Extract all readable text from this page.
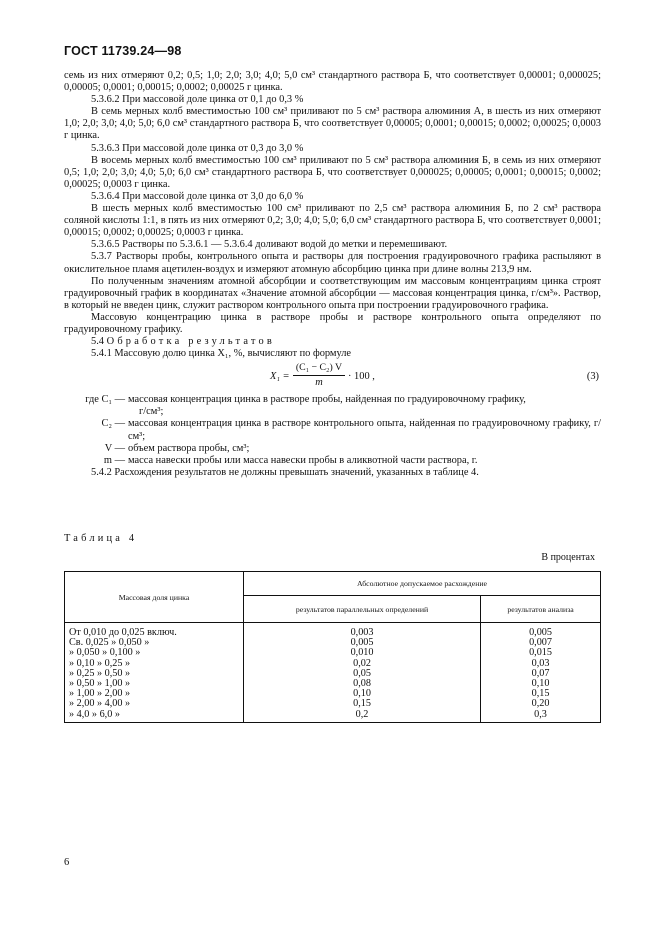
ГОСТ 11739.24—98

семь из них отмеряют 0,2; 0,5; 1,0; 2,0; 3,0; 4,0; 5,0 см³ стандартного раствора Б, что соответствует 0,00001; 0,000025; 0,00005; 0,0001; 0,00015; 0,0002; 0,00025 г цинка.

5.3.6.2 При массовой доле цинка от 0,1 до 0,3 %

В семь мерных колб вместимостью 100 см³ приливают по 5 см³ раствора алюминия А, в шесть из них отмеряют 1,0; 2,0; 3,0; 4,0; 5,0; 6,0 см³ стандартного раствора Б, что соответствует 0,00005; 0,0001; 0,00015; 0,0002; 0,00025; 0,0003 г цинка.

5.3.6.3 При массовой доле цинка от 0,3 до 3,0 %

В восемь мерных колб вместимостью 100 см³ приливают по 5 см³ раствора алюминия Б, в семь из них отмеряют 0,5; 1,0; 2,0; 3,0; 4,0; 5,0; 6,0 см³ стандартного раствора Б, что соответствует 0,000025; 0,00005; 0,0001; 0,00015; 0,0002; 0,00025; 0,0003 г цинка.

5.3.6.4 При массовой доле цинка от 3,0 до 6,0 %

В шесть мерных колб вместимостью 100 см³ приливают по 2,5 см³ раствора алюминия Б, по 2 см³ раствора соляной кислоты 1:1, в пять из них отмеряют 0,2; 3,0; 4,0; 5,0; 6,0 см³ стандартного раствора Б, что соответствует 0,0001; 0,00015; 0,0002; 0,00025; 0,0003 г цинка.

5.3.6.5 Растворы по 5.3.6.1 — 5.3.6.4 доливают водой до метки и перемешивают.

5.3.7 Растворы пробы, контрольного опыта и растворы для построения градуировочного графика распыляют в окислительное пламя ацетилен-воздух и измеряют атомную абсорбцию цинка при длине волны 213,9 нм.

По полученным значениям атомной абсорбции и соответствующим им массовым концентрациям цинка строят градуировочный график в координатах «Значение атомной абсорбции — массовая концентрация цинка, г/см³». Раствор, в который не введен цинк, служит раствором контрольного опыта при построении градуировочного графика.

Массовую концентрацию цинка в растворе пробы и растворе контрольного опыта определяют по градуировочному графику.

5.4 Обработка результатов

5.4.1 Массовую долю цинка X₁, %, вычисляют по формуле

$X_1 = \frac{\text{(C₁ − C₂) V}}{m} \cdot 100$ ,	(3)
где C₁ — массовая концентрация цинка в растворе пробы, найденная по градуировочному графику,
г/см³;
C₂ — массовая концентрация цинка в растворе контрольного опыта, найденная по градуировочному графику, г/см³;
V — объем раствора пробы, см³;
m — масса навески пробы или масса навески пробы в аликвотной части раствора, г.

5.4.2 Расхождения результатов не должны превышать значений, указанных в таблице 4.

Таблица 4
В процентах
Массовая доля цинка	Абсолютное допускаемое расхождение	
	результатов параллельных определений	результатов анализа
От 0,010 до 0,025 включ.	0,003	0,005
Св. 0,025 » 0,050 »	0,005	0,007
» 0,050 » 0,100 »	0,010	0,015
» 0,10 » 0,25 »	0,02	0,03
» 0,25 » 0,50 »	0,05	0,07
» 0,50 » 1,00 »	0,08	0,10
» 1,00 » 2,00 »	0,10	0,15
» 2,00 » 4,00 »	0,15	0,20
» 4,0 » 6,0 »	0,2	0,3
6
